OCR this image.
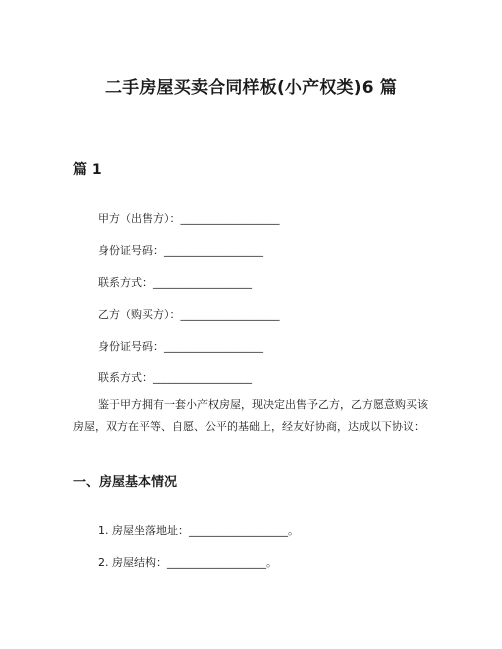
二手房屋买卖合同样板(小产权类)6 篇
篇 1
甲方（出售方）：__________________
身份证号码：__________________
联系方式：__________________
乙方（购买方）：__________________
身份证号码：__________________
联系方式：__________________
鉴于甲方拥有一套小产权房屋，现决定出售予乙方，乙方愿意购买该房屋，双方在平等、自愿、公平的基础上，经友好协商，达成以下协议：
一、房屋基本情况
1. 房屋坐落地址：__________________。
2. 房屋结构：__________________。
